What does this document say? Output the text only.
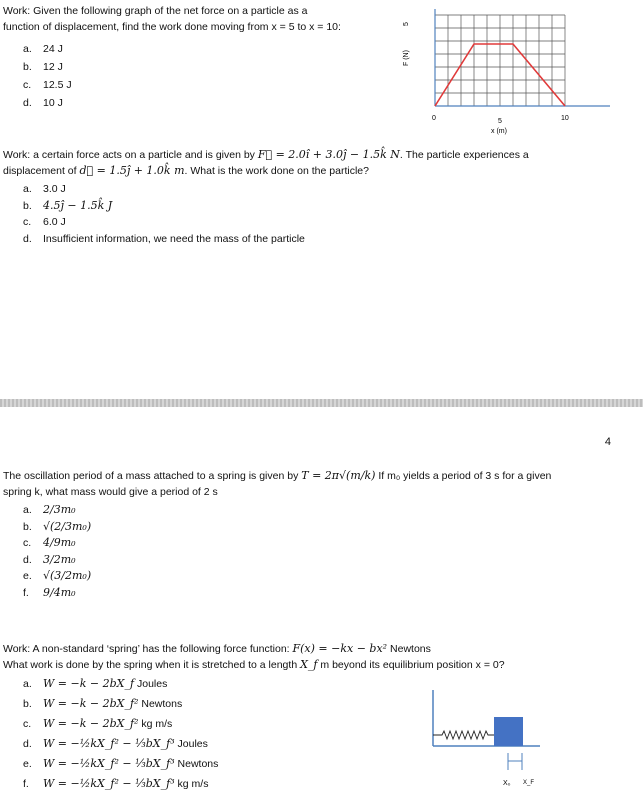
Work: Given the following graph of the net force on a particle as a
function of displacement, find the work done moving from x = 5 to x = 10:
a. 24 J
b. 12 J
c. 12.5 J
d. 10 J
F (N)
5
0	5	10
x (m)
Work: a certain force acts on a particle and is given by F⃗ = 2.0î + 3.0ĵ − 1.5k̂ N. The particle experiences a
displacement of d⃗ = 1.5ĵ + 1.0k̂ m. What is the work done on the particle?
a. 3.0 J
b. 4.5ĵ − 1.5k̂ J
c. 6.0 J
d. Insufficient information, we need the mass of the particle
4
The oscillation period of a mass attached to a spring is given by T = 2π√(m/k) If m₀ yields a period of 3 s for a given
spring k, what mass would give a period of 2 s
a. 2/3m₀
b. √(2/3m₀)
c. 4/9m₀
d. 3/2m₀
e. √(3/2m₀)
f. 9/4m₀
Work: A non-standard ‘spring’ has the following force function: F(x) = −kx − bx² Newtons
What work is done by the spring when it is stretched to a length X_f m beyond its equilibrium position x = 0?
a. W = −k − 2bX_f Joules
b. W = −k − 2bX_f² Newtons
c. W = −k − 2bX_f² kg m/s
d. W = −½kX_f² − ⅓bX_f³ Joules
e. W = −½kX_f² − ⅓bX_f³ Newtons
f. W = −½kX_f² − ⅓bX_f³ kg m/s	X₀ X_F
